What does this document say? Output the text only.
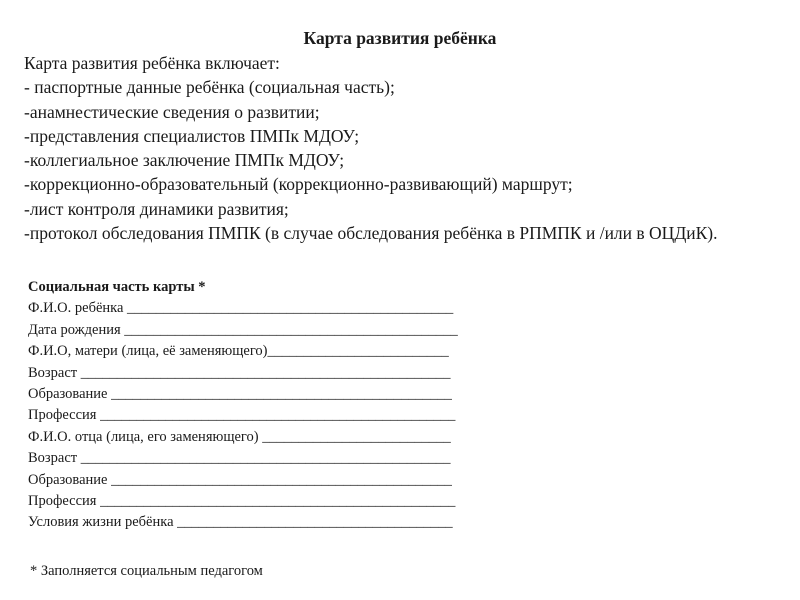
Карта развития ребёнка

Карта развития ребёнка включает:

- паспортные данные ребёнка (социальная часть);

-анамнестические сведения о развитии;

-представления специалистов ПМПк МДОУ;

-коллегиальное заключение ПМПк МДОУ;

-коррекционно-образовательный (коррекционно-развивающий) маршрут;

-лист контроля динамики развития;

-протокол обследования ПМПК (в случае обследования ребёнка в РПМПК и /или в ОЦДиК).

Социальная часть карты *

Ф.И.О. ребёнка _____________________________________________

Дата рождения ______________________________________________

Ф.И.О, матери (лица, её заменяющего)_________________________

Возраст ___________________________________________________

Образование _______________________________________________

Профессия _________________________________________________

Ф.И.О. отца (лица, его заменяющего) __________________________

Возраст ___________________________________________________

Образование _______________________________________________

Профессия _________________________________________________

Условия жизни ребёнка ______________________________________

* Заполняется социальным педагогом
